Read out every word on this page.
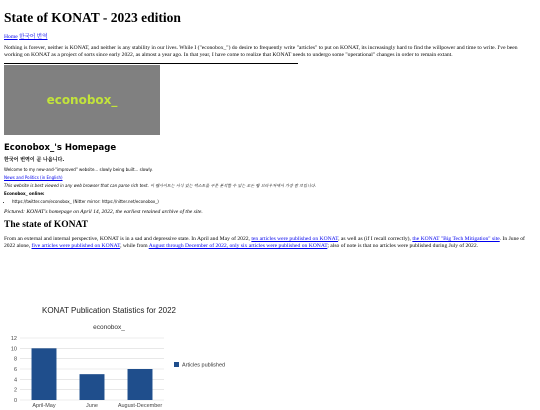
State of KONAT - 2023 edition
Home 한국어 번역

Nothing is forever, neither is KONAT, and neither is any stability in our lives. While I ("econobox_") do desire to frequently write "articles" to put on KONAT, its increasingly hard to find the willpower and time to write. I've been working on KONAT as a project of sorts since early 2022, as almost a year ago. In that year, I have come to realize that KONAT needs to undergo some "operational" changes in order to remain extant.

econobox_
Econobox_'s Homepage
한국어 번역이 곧 나옵니다.
Welcome to my new-and-"improved" website... slowly being built... slowly.
News and Politics (in English)
This website is best viewed in any web browser that can parse rich text. 이 웹사이트는 서식 있는 텍스트를 구문 분석할 수 있는 모든 웹 브라우저에서 가장 잘 보입니다.
Econobox_ online:
• https://twitter.com/econobox_ (Nitter mirror: https://nitter.net/econobox_)
Pictured: KONAT's homepage on April 14, 2022, the earliest retained archive of the site.
The state of KONAT

From an external and internal perspective, KONAT is in a sad and depressive state. In April and May of 2022, ten articles were published on KONAT, as well as (if I recall correctly), the KONAT "Big Tech Mitigation" site. In June of 2022 alone, five articles were published on KONAT, while from August through December of 2022, only six articles were published on KONAT; also of note is that no articles were published during July of 2022.

KONAT Publication Statistics for 2022
econobox_
0
2
4
6
8
10
12
April-May	June	August-December
Articles published
